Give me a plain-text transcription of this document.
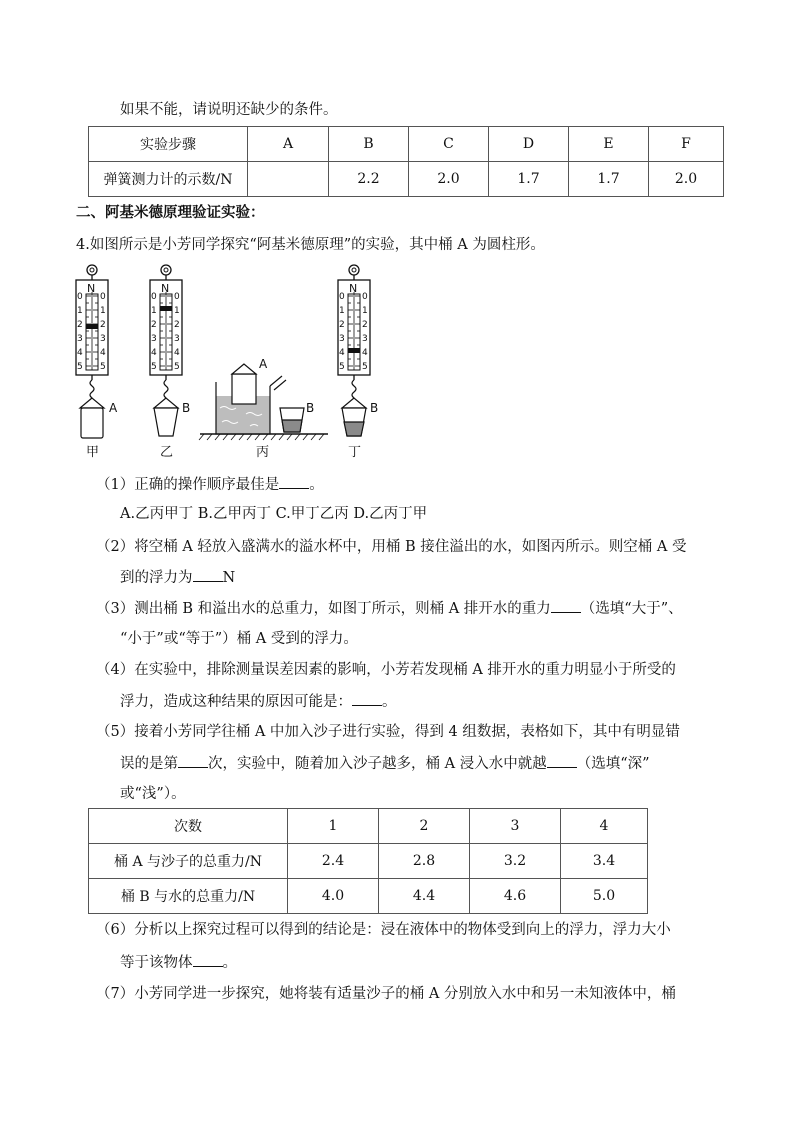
如果不能，请说明还缺少的条件。
实验步骤	A	B	C	D	E	F
弹簧测力计的示数/N		2.2	2.0	1.7	1.7	2.0
二、阿基米德原理验证实验：
4.如图所示是小芳同学探究“阿基米德原理”的实验，其中桶 A 为圆柱形。
N	N	N
0
1
2
3
4
5
0
1
2
3
4
5
0
1
2
3
4
5
0
1
2
3
4
5
0
1
2
3
4
5
0
1
2
3
4
5
A	B
A
B	B
甲	乙	丙	丁
（1）正确的操作顺序最佳是 。
A.乙丙甲丁 B.乙甲丙丁 C.甲丁乙丙 D.乙丙丁甲
（2）将空桶 A 轻放入盛满水的溢水杯中，用桶 B 接住溢出的水，如图丙所示。则空桶 A 受
到的浮力为 N
（3）测出桶 B 和溢出水的总重力，如图丁所示，则桶 A 排开水的重力 （选填“大于”、
“小于”或“等于”）桶 A 受到的浮力。
（4）在实验中，排除测量误差因素的影响，小芳若发现桶 A 排开水的重力明显小于所受的
浮力，造成这种结果的原因可能是： 。
（5）接着小芳同学往桶 A 中加入沙子进行实验，得到 4 组数据，表格如下，其中有明显错
误的是第 次，实验中，随着加入沙子越多，桶 A 浸入水中就越 （选填“深”
或“浅”）。
次数	1	2	3	4
桶 A 与沙子的总重力/N	2.4	2.8	3.2	3.4
桶 B 与水的总重力/N	4.0	4.4	4.6	5.0
（6）分析以上探究过程可以得到的结论是：浸在液体中的物体受到向上的浮力，浮力大小
等于该物体 。
（7）小芳同学进一步探究，她将装有适量沙子的桶 A 分别放入水中和另一未知液体中，桶
